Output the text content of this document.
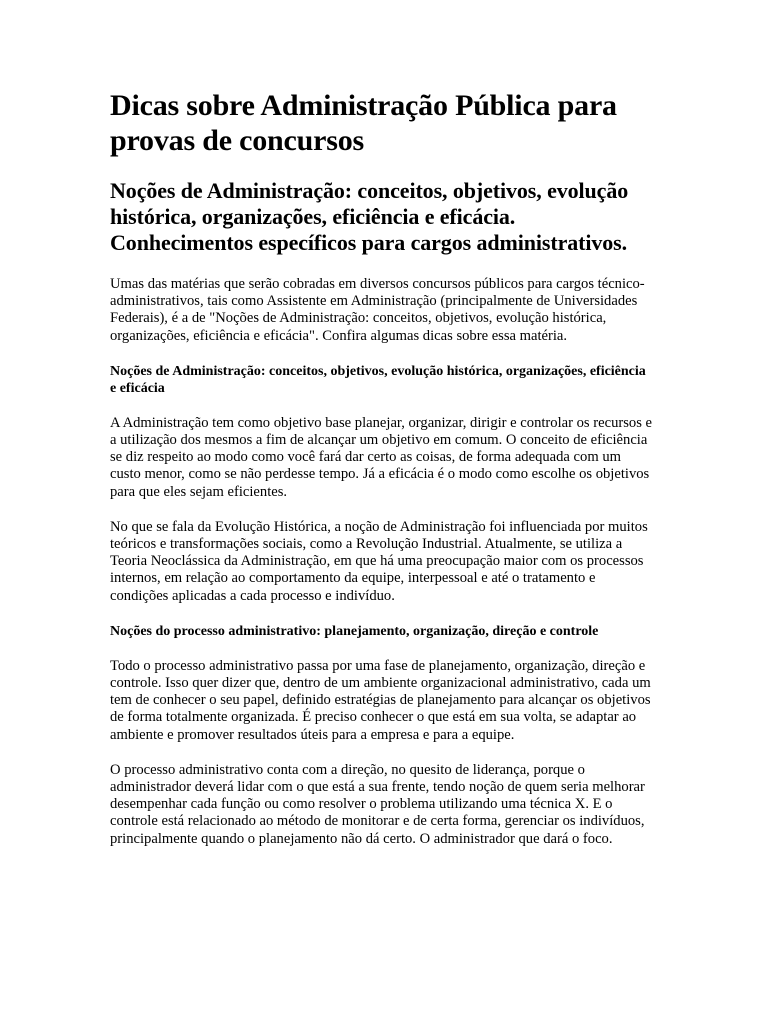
Dicas sobre Administração Pública para provas de concursos
Noções de Administração: conceitos, objetivos, evolução histórica, organizações, eficiência e eficácia. Conhecimentos específicos para cargos administrativos.

Umas das matérias que serão cobradas em diversos concursos públicos para cargos técnico-administrativos, tais como Assistente em Administração (principalmente de Universidades Federais), é a de "Noções de Administração: conceitos, objetivos, evolução histórica, organizações, eficiência e eficácia". Confira algumas dicas sobre essa matéria.

Noções de Administração: conceitos, objetivos, evolução histórica, organizações, eficiência e eficácia

A Administração tem como objetivo base planejar, organizar, dirigir e controlar os recursos e a utilização dos mesmos a fim de alcançar um objetivo em comum. O conceito de eficiência se diz respeito ao modo como você fará dar certo as coisas, de forma adequada com um custo menor, como se não perdesse tempo. Já a eficácia é o modo como escolhe os objetivos para que eles sejam eficientes.

No que se fala da Evolução Histórica, a noção de Administração foi influenciada por muitos teóricos e transformações sociais, como a Revolução Industrial. Atualmente, se utiliza a Teoria Neoclássica da Administração, em que há uma preocupação maior com os processos internos, em relação ao comportamento da equipe, interpessoal e até o tratamento e condições aplicadas a cada processo e indivíduo.

Noções do processo administrativo: planejamento, organização, direção e controle

Todo o processo administrativo passa por uma fase de planejamento, organização, direção e controle. Isso quer dizer que, dentro de um ambiente organizacional administrativo, cada um tem de conhecer o seu papel, definido estratégias de planejamento para alcançar os objetivos de forma totalmente organizada. É preciso conhecer o que está em sua volta, se adaptar ao ambiente e promover resultados úteis para a empresa e para a equipe.

O processo administrativo conta com a direção, no quesito de liderança, porque o administrador deverá lidar com o que está a sua frente, tendo noção de quem seria melhorar desempenhar cada função ou como resolver o problema utilizando uma técnica X. E o controle está relacionado ao método de monitorar e de certa forma, gerenciar os indivíduos, principalmente quando o planejamento não dá certo. O administrador que dará o foco.
